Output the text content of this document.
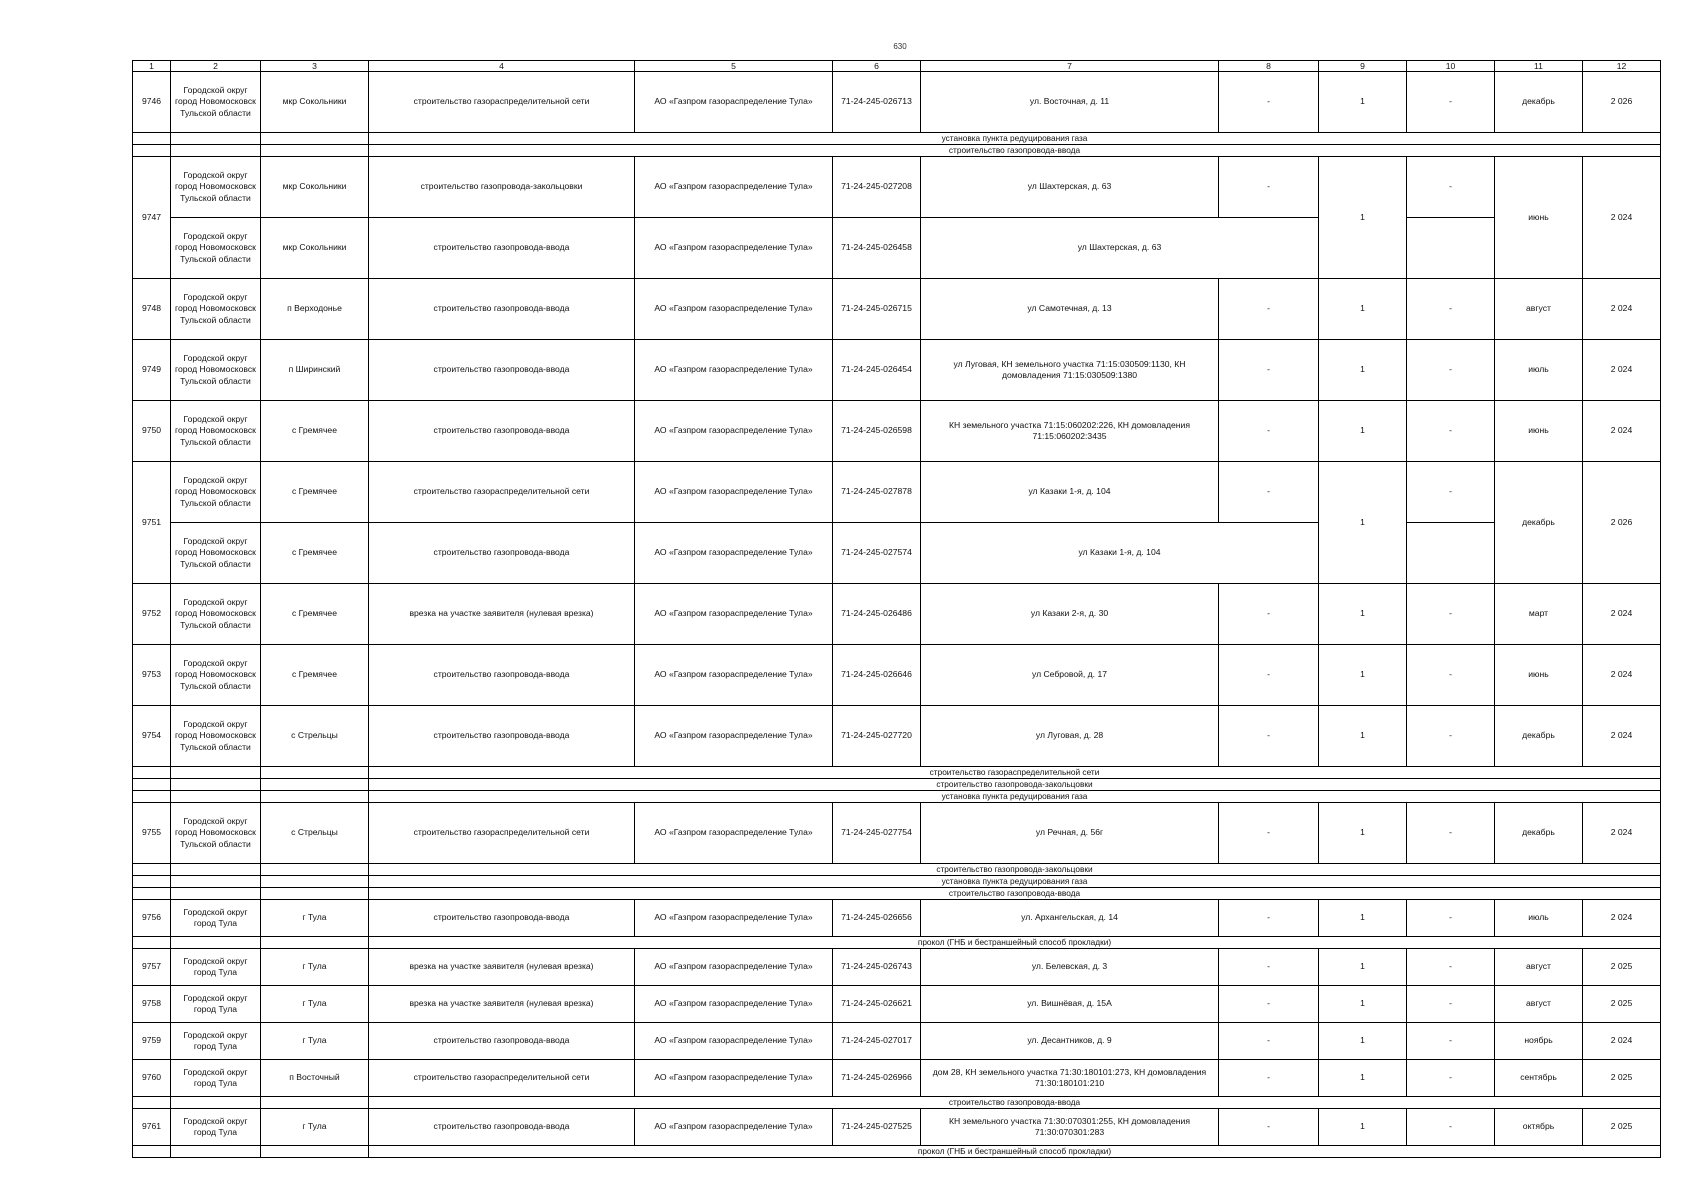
630
1	2	3	4	5	6	7	8	9	10	11	12
9746	Городской округ город Новомосковск Тульской области	мкр Сокольники	строительство газораспределительной сети	АО «Газпром газораспределение Тула»	71-24-245-026713	ул. Восточная, д. 11	-	1	-	декабрь	2 026
			установка пункта редуцирования газа								
			строительство газопровода-ввода								
9747	Городской округ город Новомосковск Тульской области	мкр Сокольники	строительство газопровода-закольцовки	АО «Газпром газораспределение Тула»	71-24-245-027208	ул Шахтерская, д. 63	-	1	-	июнь	2 024
	Городской округ город Новомосковск Тульской области	мкр Сокольники	строительство газопровода-ввода	АО «Газпром газораспределение Тула»	71-24-245-026458	ул Шахтерская, д. 63					
9748	Городской округ город Новомосковск Тульской области	п Верходонье	строительство газопровода-ввода	АО «Газпром газораспределение Тула»	71-24-245-026715	ул Самотечная, д. 13	-	1	-	август	2 024
9749	Городской округ город Новомосковск Тульской области	п Ширинский	строительство газопровода-ввода	АО «Газпром газораспределение Тула»	71-24-245-026454	ул Луговая, КН земельного участка 71:15:030509:1130, КН домовладения 71:15:030509:1380	-	1	-	июль	2 024
9750	Городской округ город Новомосковск Тульской области	с Гремячее	строительство газопровода-ввода	АО «Газпром газораспределение Тула»	71-24-245-026598	КН земельного участка 71:15:060202:226, КН домовладения 71:15:060202:3435	-	1	-	июнь	2 024
9751	Городской округ город Новомосковск Тульской области	с Гремячее	строительство газораспределительной сети	АО «Газпром газораспределение Тула»	71-24-245-027878	ул Казаки 1-я, д. 104	-	1	-	декабрь	2 026
	Городской округ город Новомосковск Тульской области	с Гремячее	строительство газопровода-ввода	АО «Газпром газораспределение Тула»	71-24-245-027574	ул Казаки 1-я, д. 104					
9752	Городской округ город Новомосковск Тульской области	с Гремячее	врезка на участке заявителя (нулевая врезка)	АО «Газпром газораспределение Тула»	71-24-245-026486	ул Казаки 2-я, д. 30	-	1	-	март	2 024
9753	Городской округ город Новомосковск Тульской области	с Гремячее	строительство газопровода-ввода	АО «Газпром газораспределение Тула»	71-24-245-026646	ул Себровой, д. 17	-	1	-	июнь	2 024
9754	Городской округ город Новомосковск Тульской области	с Стрельцы	строительство газопровода-ввода	АО «Газпром газораспределение Тула»	71-24-245-027720	ул Луговая, д. 28	-	1	-	декабрь	2 024
			строительство газораспределительной сети								
			строительство газопровода-закольцовки								
			установка пункта редуцирования газа								
9755	Городской округ город Новомосковск Тульской области	с Стрельцы	строительство газораспределительной сети	АО «Газпром газораспределение Тула»	71-24-245-027754	ул Речная, д. 56г	-	1	-	декабрь	2 024
			строительство газопровода-закольцовки								
			установка пункта редуцирования газа								
			строительство газопровода-ввода								
9756	Городской округ город Тула	г Тула	строительство газопровода-ввода	АО «Газпром газораспределение Тула»	71-24-245-026656	ул. Архангельская, д. 14	-	1	-	июль	2 024
			прокол (ГНБ и бестраншейный способ прокладки)								
9757	Городской округ город Тула	г Тула	врезка на участке заявителя (нулевая врезка)	АО «Газпром газораспределение Тула»	71-24-245-026743	ул. Белевская, д. 3	-	1	-	август	2 025
9758	Городской округ город Тула	г Тула	врезка на участке заявителя (нулевая врезка)	АО «Газпром газораспределение Тула»	71-24-245-026621	ул. Вишнёвая, д. 15А	-	1	-	август	2 025
9759	Городской округ город Тула	г Тула	строительство газопровода-ввода	АО «Газпром газораспределение Тула»	71-24-245-027017	ул. Десантников, д. 9	-	1	-	ноябрь	2 024
9760	Городской округ город Тула	п Восточный	строительство газораспределительной сети	АО «Газпром газораспределение Тула»	71-24-245-026966	дом 28, КН земельного участка 71:30:180101:273, КН домовладения 71:30:180101:210	-	1	-	сентябрь	2 025
			строительство газопровода-ввода								
9761	Городской округ город Тула	г Тула	строительство газопровода-ввода	АО «Газпром газораспределение Тула»	71-24-245-027525	КН земельного участка 71:30:070301:255, КН домовладения 71:30:070301:283	-	1	-	октябрь	2 025
			прокол (ГНБ и бестраншейный способ прокладки)								
